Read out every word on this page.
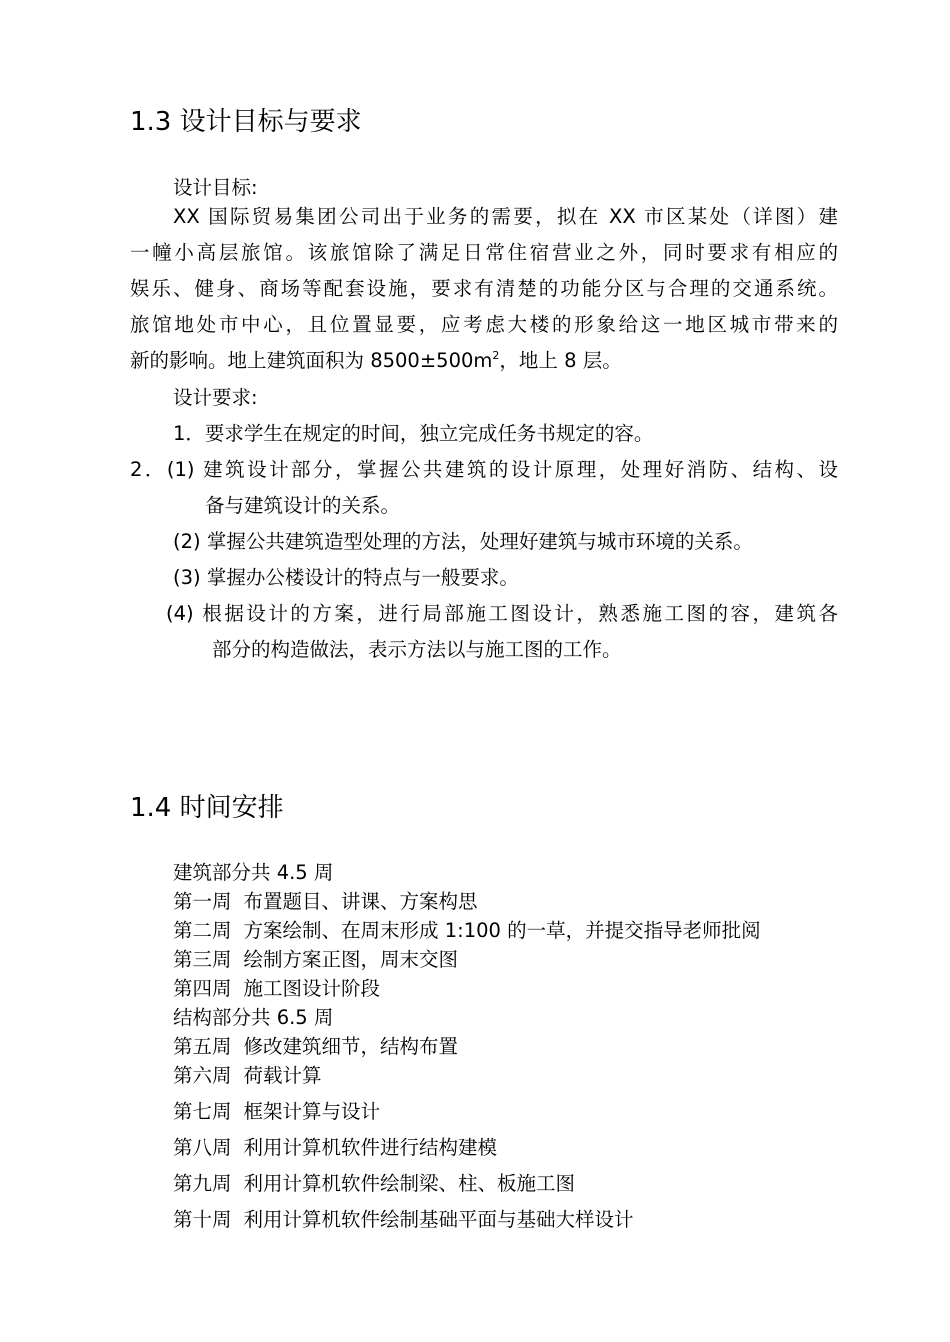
1.3 设计目标与要求
设计目标:
XX 国际贸易集团公司出于业务的需要，拟在 XX 市区某处（详图）建
一幢小高层旅馆。该旅馆除了满足日常住宿营业之外，同时要求有相应的
娱乐、健身、商场等配套设施，要求有清楚的功能分区与合理的交通系统。
旅馆地处市中心，且位置显要，应考虑大楼的形象给这一地区城市带来的
新的影响。地上建筑面积为 $8500\pm 500m^2$，地上 8 层。
设计要求:
1．要求学生在规定的时间，独立完成任务书规定的容。
2．(1) 建筑设计部分，掌握公共建筑的设计原理，处理好消防、结构、设
备与建筑设计的关系。
(2) 掌握公共建筑造型处理的方法，处理好建筑与城市环境的关系。
(3) 掌握办公楼设计的特点与一般要求。
(4) 根据设计的方案，进行局部施工图设计，熟悉施工图的容，建筑各
部分的构造做法，表示方法以与施工图的工作。
1.4 时间安排
建筑部分共 4.5 周
第一周 布置题目、讲课、方案构思
第二周 方案绘制、在周末形成 1:100 的一草，并提交指导老师批阅
第三周 绘制方案正图，周末交图
第四周 施工图设计阶段
结构部分共 6.5 周
第五周 修改建筑细节，结构布置
第六周 荷载计算
第七周 框架计算与设计
第八周 利用计算机软件进行结构建模
第九周 利用计算机软件绘制梁、柱、板施工图
第十周 利用计算机软件绘制基础平面与基础大样设计
